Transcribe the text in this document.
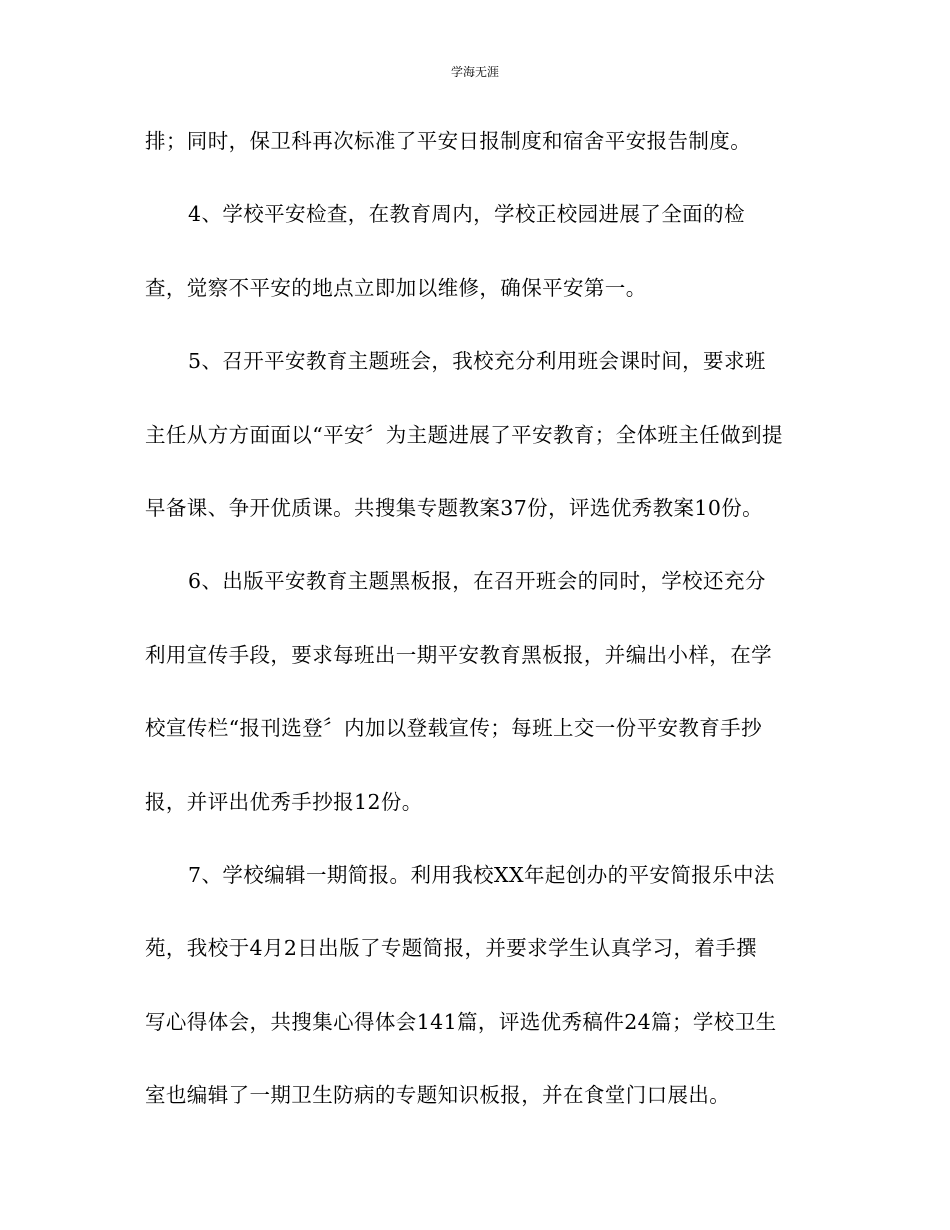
学海无涯
排；同时，保卫科再次标准了平安日报制度和宿舍平安报告制度。
4、学校平安检查，在教育周内，学校正校园进展了全面的检
查，觉察不平安的地点立即加以维修，确保平安第一。
5、召开平安教育主题班会，我校充分利用班会课时间，要求班
主任从方方面面以“平安〞为主题进展了平安教育；全体班主任做到提
早备课、争开优质课。共搜集专题教案37份，评选优秀教案10份。
6、出版平安教育主题黑板报，在召开班会的同时，学校还充分
利用宣传手段，要求每班出一期平安教育黑板报，并编出小样，在学
校宣传栏“报刊选登〞内加以登载宣传；每班上交一份平安教育手抄
报，并评出优秀手抄报12份。
7、学校编辑一期简报。利用我校XX年起创办的平安简报乐中法
苑，我校于4月2日出版了专题简报，并要求学生认真学习，着手撰
写心得体会，共搜集心得体会141篇，评选优秀稿件24篇；学校卫生
室也编辑了一期卫生防病的专题知识板报，并在食堂门口展出。
